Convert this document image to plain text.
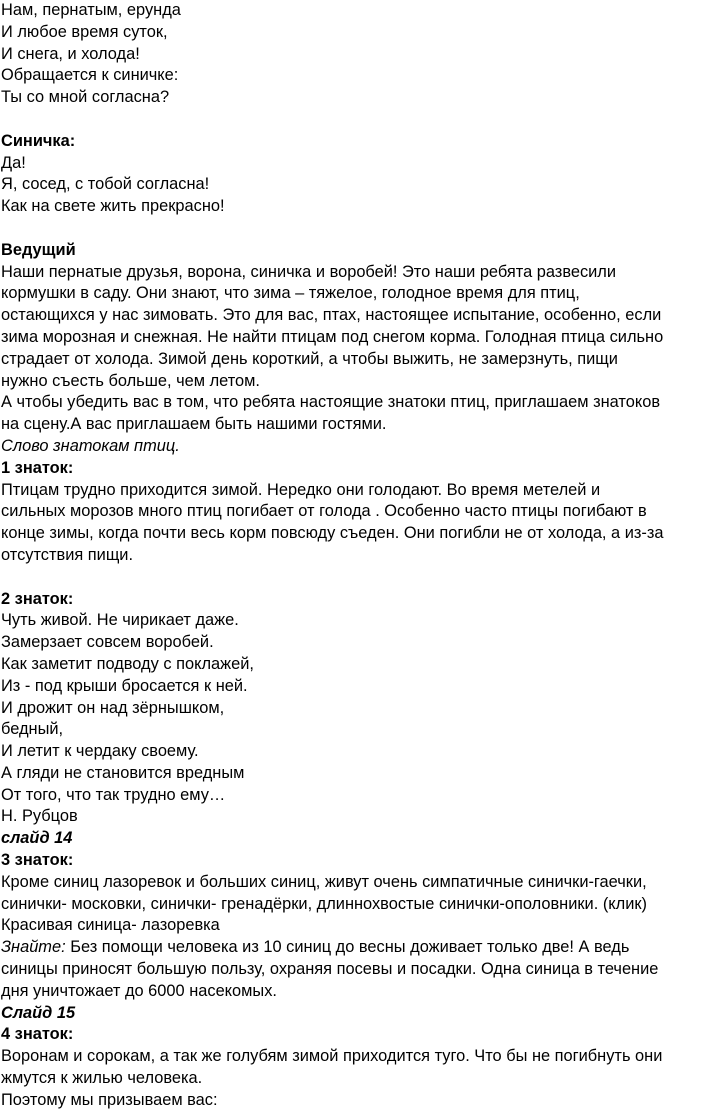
Нам, пернатым, ерунда
И любое время суток,
И снега, и холода!
Обращается к синичке:
Ты со мной согласна?
Синичка:
Да!
Я, сосед, с тобой согласна!
Как на свете жить прекрасно!
Ведущий
Наши пернатые друзья, ворона, синичка и воробей! Это наши ребята развесили
кормушки в саду. Они знают, что зима – тяжелое, голодное время для птиц,
остающихся у нас зимовать. Это для вас, птах, настоящее испытание, особенно, если
зима морозная и снежная. Не найти птицам под снегом корма. Голодная птица сильно
страдает от холода. Зимой день короткий, а чтобы выжить, не замерзнуть, пищи
нужно съесть больше, чем летом.
А чтобы убедить вас в том, что ребята настоящие знатоки птиц, приглашаем знатоков
на сцену.А вас приглашаем быть нашими гостями.
Слово знатокам птиц.
1 знаток:
Птицам трудно приходится зимой. Нередко они голодают. Во время метелей и
сильных морозов много птиц погибает от голода . Особенно часто птицы погибают в
конце зимы, когда почти весь корм повсюду съеден. Они погибли не от холода, а из-за
отсутствия пищи.
2 знаток:
Чуть живой. Не чирикает даже.
Замерзает совсем воробей.
Как заметит подводу с поклажей,
Из - под крыши бросается к ней.
И дрожит он над зёрнышком,
бедный,
И летит к чердаку своему.
А гляди не становится вредным
От того, что так трудно ему…
Н. Рубцов
слайд 14
3 знаток:
Кроме синиц лазоревок и больших синиц, живут очень симпатичные синички-гаечки,
синички- московки, синички- гренадёрки, длиннохвостые синички-ополовники. (клик)
Красивая синица- лазоревка
Знайте: Без помощи человека из 10 синиц до весны доживает только две! А ведь
синицы приносят большую пользу, охраняя посевы и посадки. Одна синица в течение
дня уничтожает до 6000 насекомых.
Слайд 15
4 знаток:
Воронам и сорокам, а так же голубям зимой приходится туго. Что бы не погибнуть они
жмутся к жилью человека.
Поэтому мы призываем вас:
